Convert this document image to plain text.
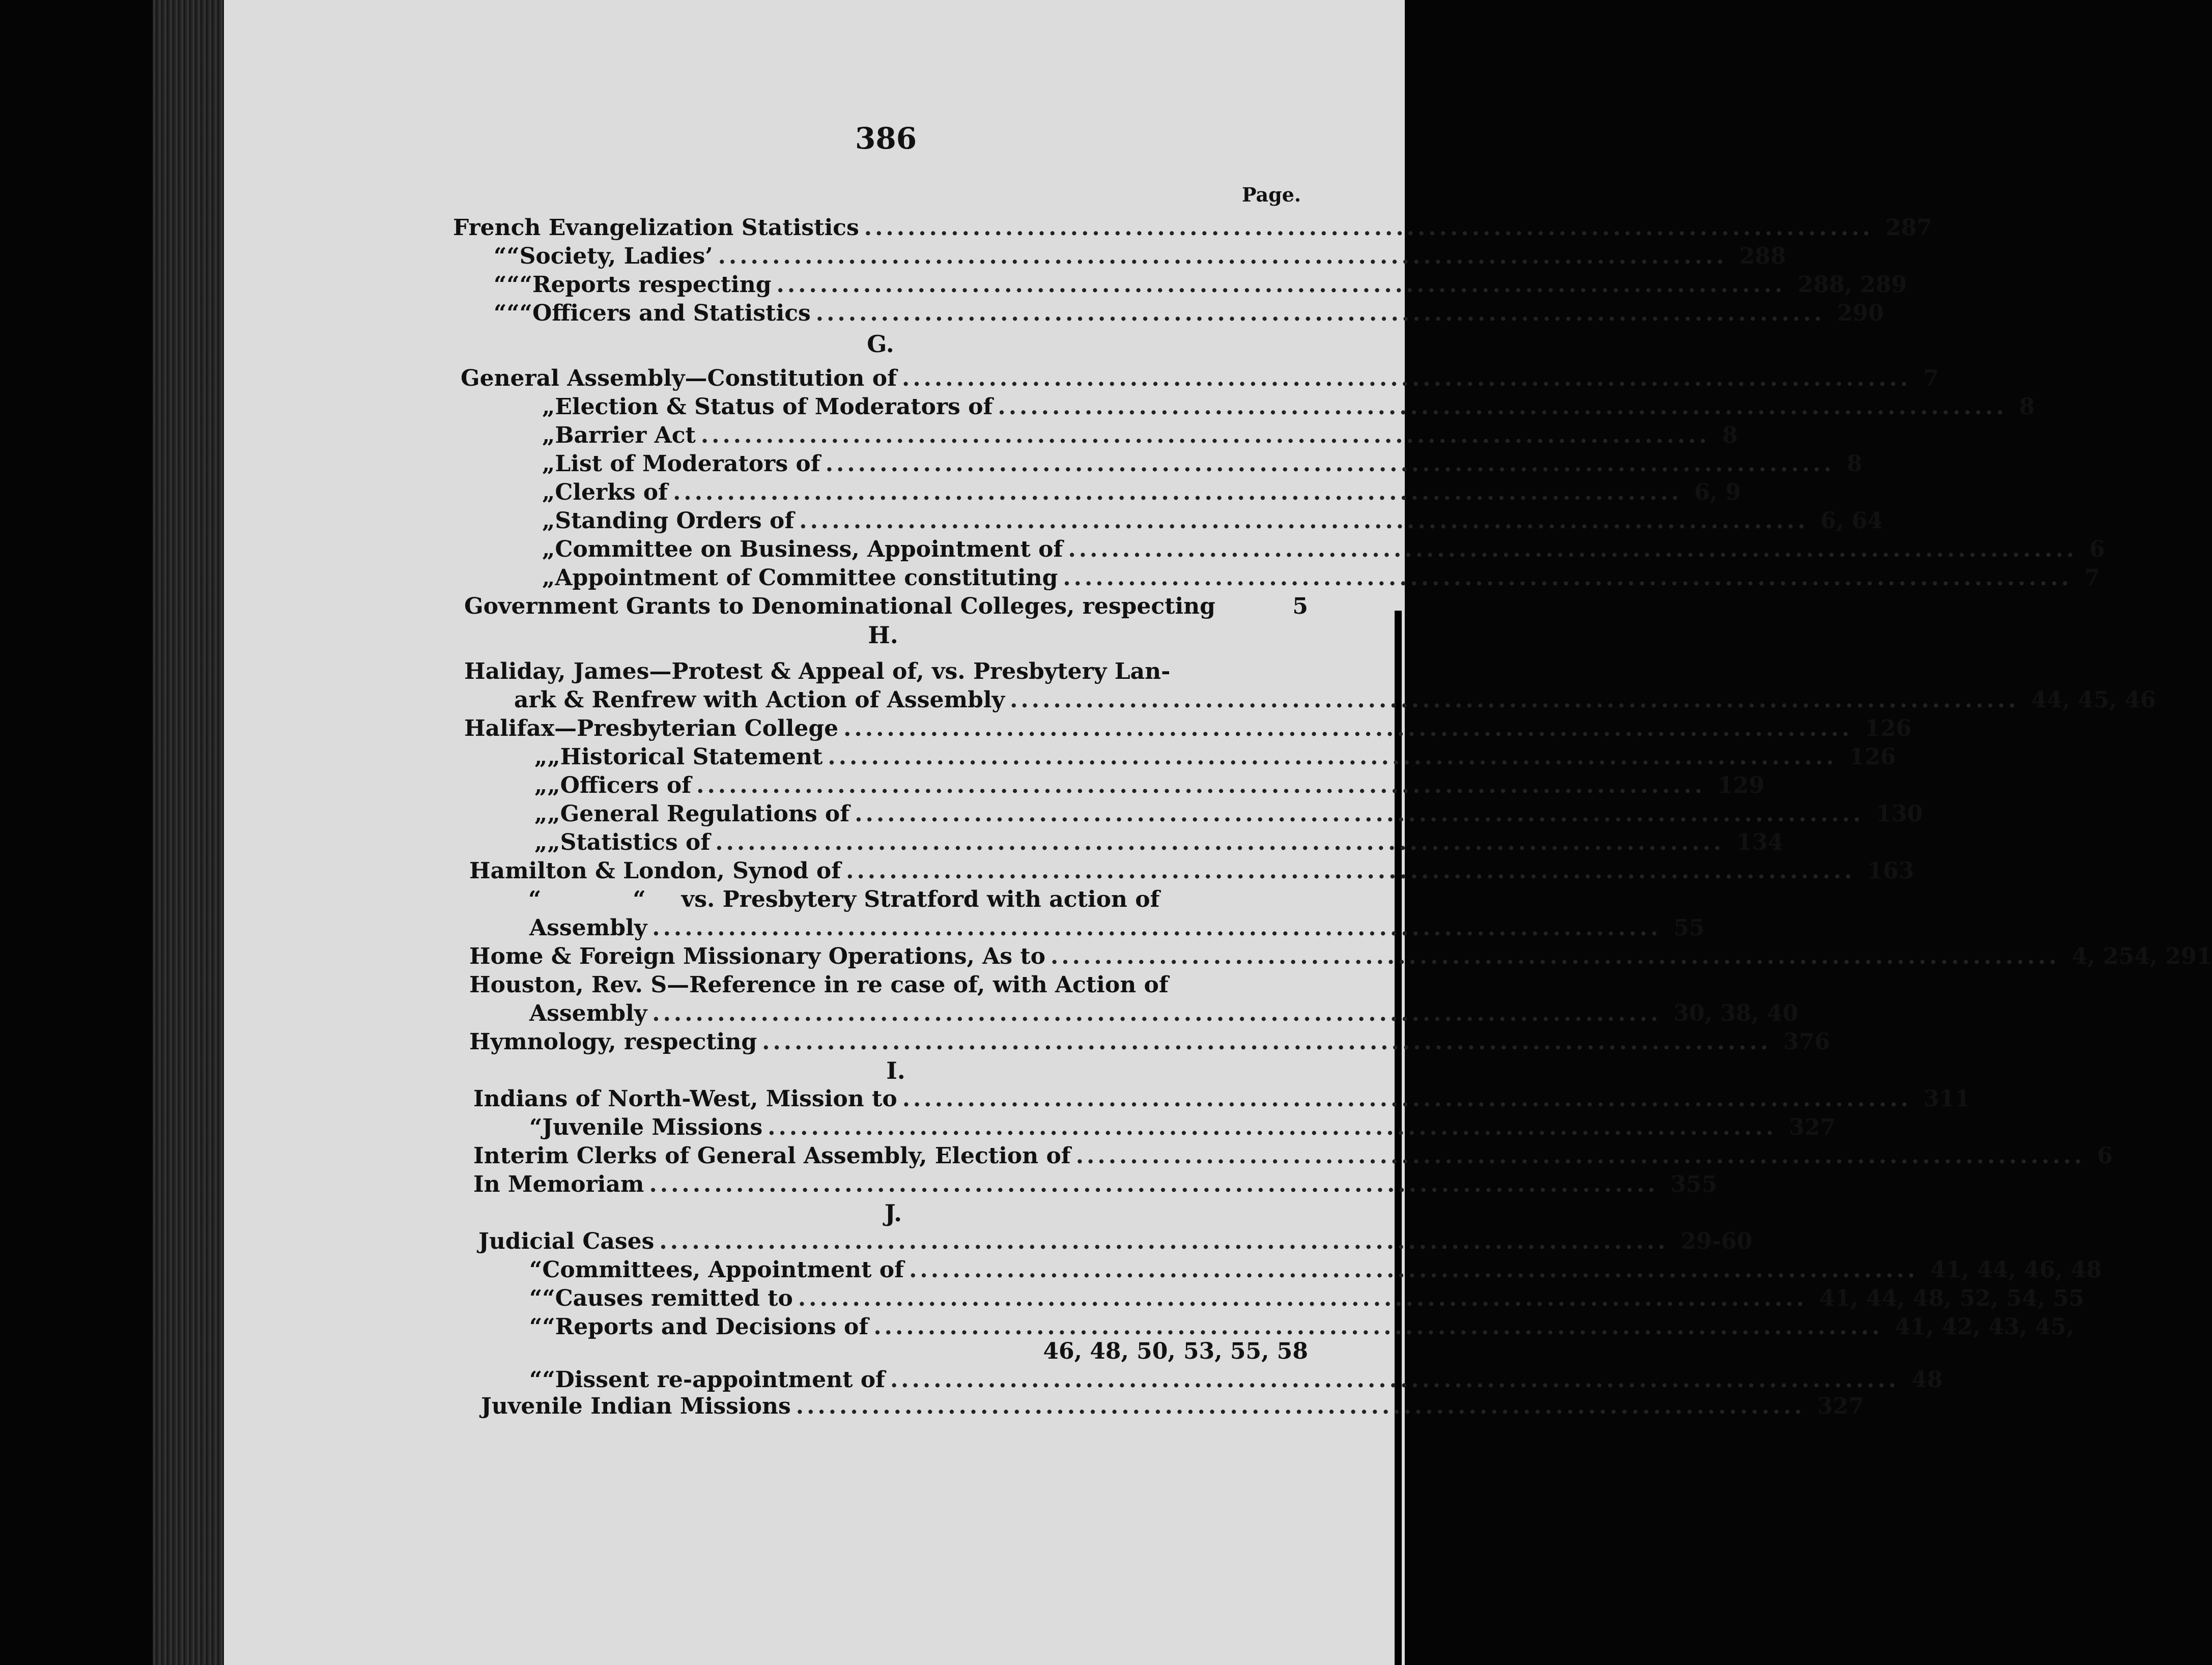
386
Page.
French Evangelization Statistics ............................................................................................. 287
“ “ Society, Ladies’ ............................................................................................. 288
“ “ “ Reports respecting ............................................................................................. 288, 289
“ “ “ Officers and Statistics ............................................................................................. 290
G.
General Assembly—Constitution of ............................................................................................. 7
„ Election & Status of Moderators of ............................................................................................. 8
„ Barrier Act ............................................................................................. 8
„ List of Moderators of ............................................................................................. 8
„ Clerks of ............................................................................................. 6, 9
„ Standing Orders of ............................................................................................. 6, 64
„ Committee on Business, Appointment of ............................................................................................. 6
„ Appointment of Committee constituting ............................................................................................. 7
Government Grants to Denominational Colleges, respecting	5
H.
Haliday, James—Protest & Appeal of, vs. Presbytery Lan-
ark & Renfrew with Action of Assembly ............................................................................................. 44, 45, 46
Halifax—Presbyterian College ............................................................................................. 126
„ „ Historical Statement ............................................................................................. 126
„ „ Officers of ............................................................................................. 129
„ „ General Regulations of ............................................................................................. 130
„ „ Statistics of ............................................................................................. 134
Hamilton & London, Synod of ............................................................................................. 163
“	“ vs. Presbytery Stratford with action of
Assembly ............................................................................................. 55
Home & Foreign Missionary Operations, As to ............................................................................................. 4, 254, 291
Houston, Rev. S—Reference in re case of, with Action of
Assembly ............................................................................................. 30, 38, 40
Hymnology, respecting ............................................................................................. 376
I.
Indians of North-West, Mission to ............................................................................................. 311
“ Juvenile Missions ............................................................................................. 327
Interim Clerks of General Assembly, Election of ............................................................................................. 6
In Memoriam ............................................................................................. 355
J.
Judicial Cases ............................................................................................. 29-60
“ Committees, Appointment of ............................................................................................. 41, 44, 46, 48
“ “ Causes remitted to ............................................................................................. 41, 44, 48, 52, 54, 55
“ “ Reports and Decisions of ............................................................................................. 41, 42, 43, 45,
46, 48, 50, 53, 55, 58
“ “ Dissent re-appointment of ............................................................................................. 48
Juvenile Indian Missions ............................................................................................. 327
